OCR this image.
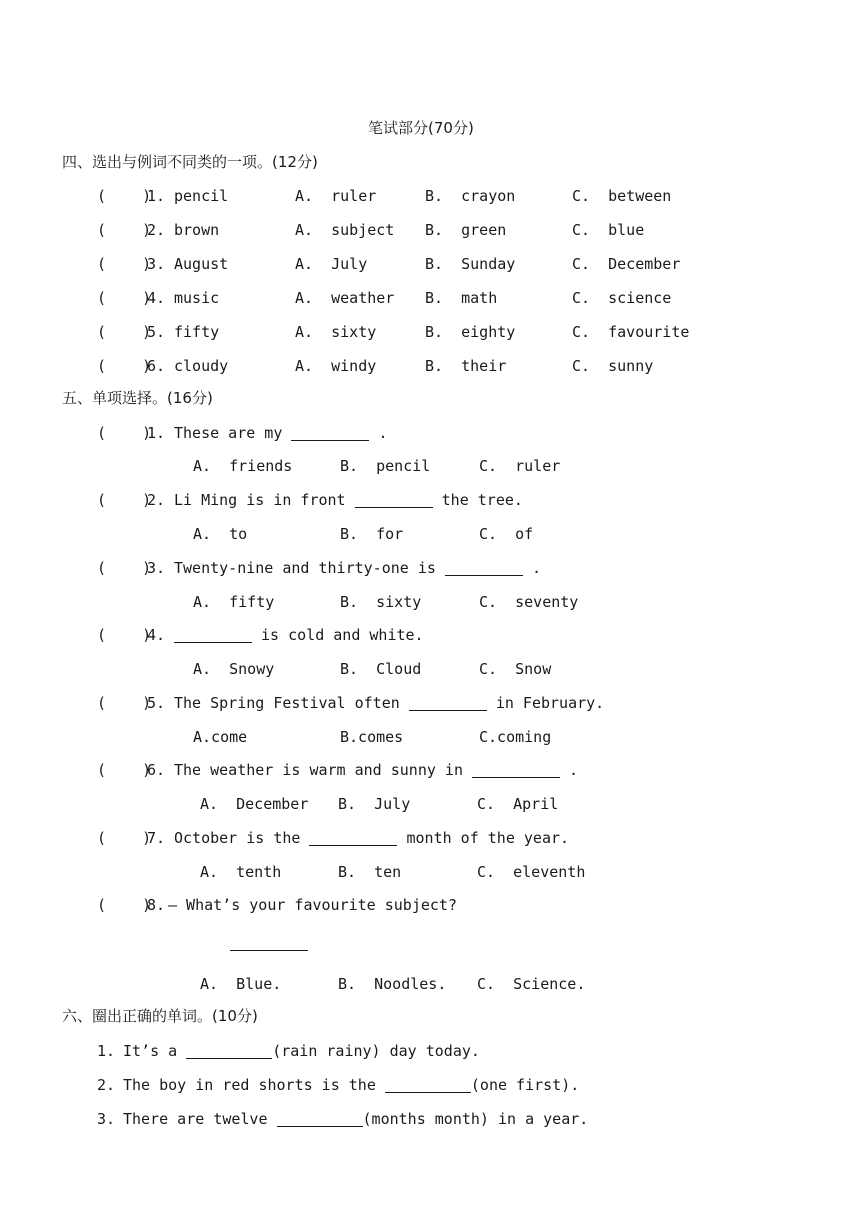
笔试部分(70分)
四、选出与例词不同类的一项。(12分)
(    )
1. pencil	A.  ruler	B.  crayon	C.  between
(    )
2. brown	A.  subject B.  green	C.  blue
(    )
3. August	A.  July	B.  Sunday	C.  December
(    )
4. music	A.  weather B.  math	C.  science
(    )
5. fifty	A.  sixty	B.  eighty	C.  favourite
(    )
6. cloudy	A.  windy	B.  their	C.  sunny
五、单项选择。(16分)
(    )
1. These are my	.
A.  friends	B.  pencil	C.  ruler
(    )
2. Li Ming is in front	the tree.
A.  to	B.  for	C.  of
(    )
3. Twenty-nine and thirty-one is	.
A.  fifty	B.  sixty	C.  seventy
(    )
4.	is cold and white.
A.  Snowy	B.  Cloud	C.  Snow
(    )
5. The Spring Festival often	in February.
A.come	B.comes	C.coming
(    )
6. The weather is warm and sunny in	.
A.  December B.  July	C.  April
(    )
7. October is the	month of the year.
A.  tenth	B.  ten	C.  eleventh
(    )
8. — What’s your favourite subject?
A.  Blue.	B.  Noodles. C.  Science.
六、圈出正确的单词。(10分)
1. It’s a	(rain rainy) day today.
2. The boy in red shorts is the	(one first).
3. There are twelve	(months month) in a year.
